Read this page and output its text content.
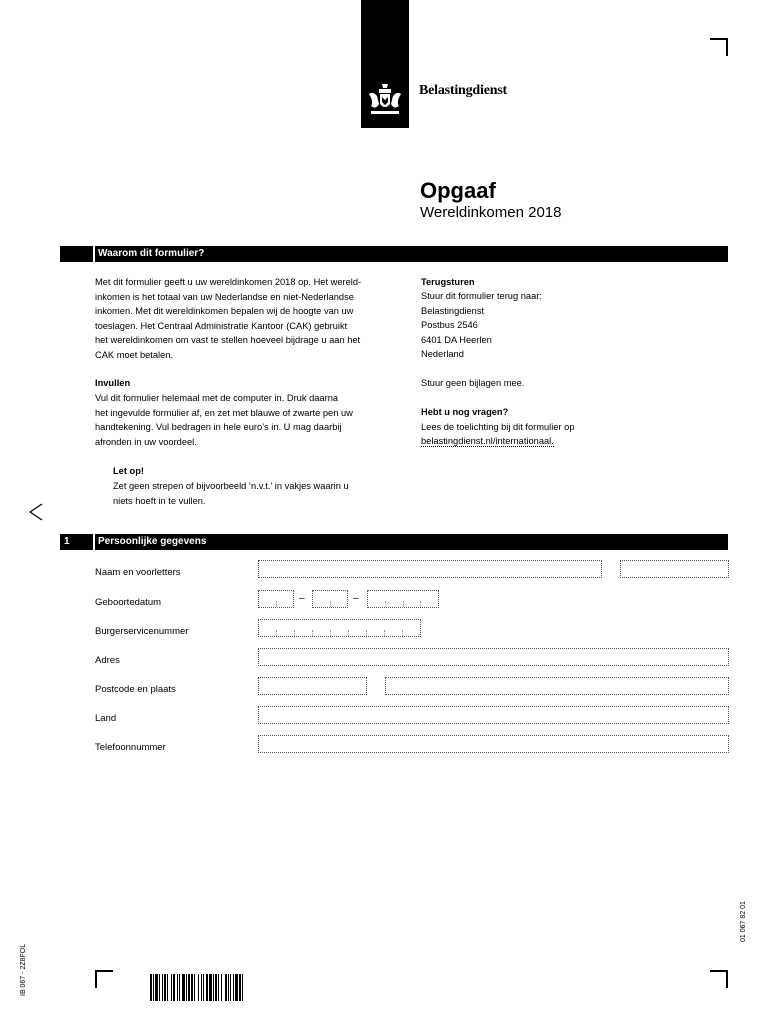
Belastingdienst
Opgaaf
Wereldinkomen 2018
Waarom dit formulier?
Met dit formulier geeft u uw wereldinkomen 2018 op. Het wereld-
inkomen is het totaal van uw Nederlandse en niet-Nederlandse
inkomen. Met dit wereldinkomen bepalen wij de hoogte van uw
toeslagen. Het Centraal Administratie Kantoor (CAK) gebruikt
het wereldinkomen om vast te stellen hoeveel bijdrage u aan het
CAK moet betalen.
Invullen
Vul dit formulier helemaal met de computer in. Druk daarna
het ingevulde formulier af, en zet met blauwe of zwarte pen uw
handtekening. Vul bedragen in hele euro’s in. U mag daarbij
afronden in uw voordeel.
Let op!
Zet geen strepen of bijvoorbeeld ‘n.v.t.’ in vakjes waarin u
niets hoeft in te vullen.
Terugsturen
Stuur dit formulier terug naar:
Belastingdienst
Postbus 2546
6401 DA Heerlen
Nederland
Stuur geen bijlagen mee.
Hebt u nog vragen?
Lees de toelichting bij dit formulier op
belastingdienst.nl/internationaal.
1	Persoonlijke gegevens
Naam en voorletters
Geboortedatum	–	–
Burgerservicenummer
Adres
Postcode en plaats
Land
Telefoonnummer
IB 067 - 2Z8FOL
01 067 82 01
